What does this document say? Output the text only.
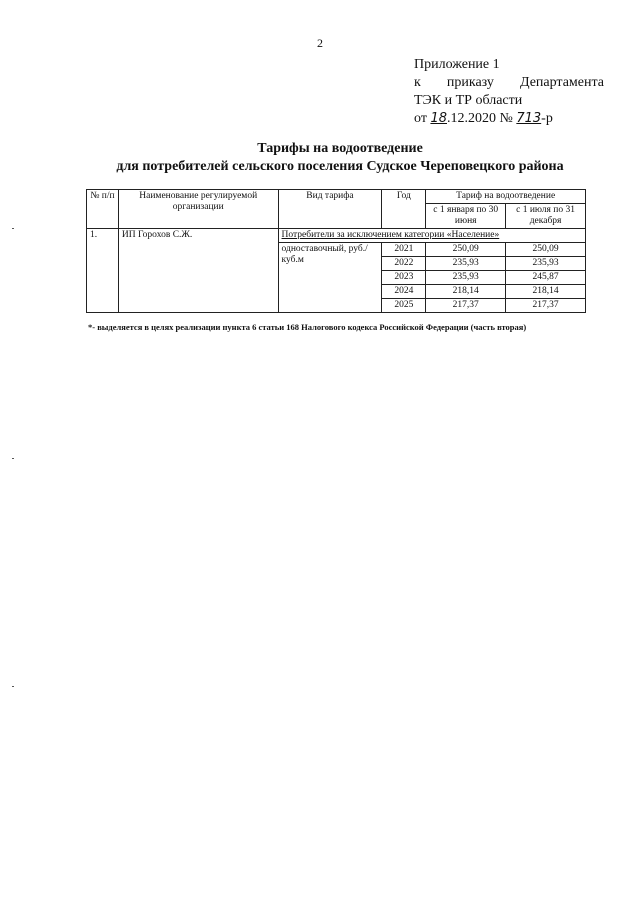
2
Приложение 1
к приказу Департамента
ТЭК и ТР области
от 18.12.2020 № 713-р
Тарифы на водоотведение
для потребителей сельского поселения Судское Череповецкого района
№ п/п	Наименование регулируемой организации	Вид тарифа	Год	Тариф на водоотведение	
				с 1 января по 30 июня	с 1 июля по 31 декабря
1.	ИП Горохов С.Ж.	Потребители за исключением категории «Население»			
		одноставочный, руб./куб.м	2021	250,09	250,09
			2022	235,93	235,93
			2023	235,93	245,87
			2024	218,14	218,14
			2025	217,37	217,37
*- выделяется в целях реализации пункта 6 статьи 168 Налогового кодекса Российской Федерации (часть вторая)
